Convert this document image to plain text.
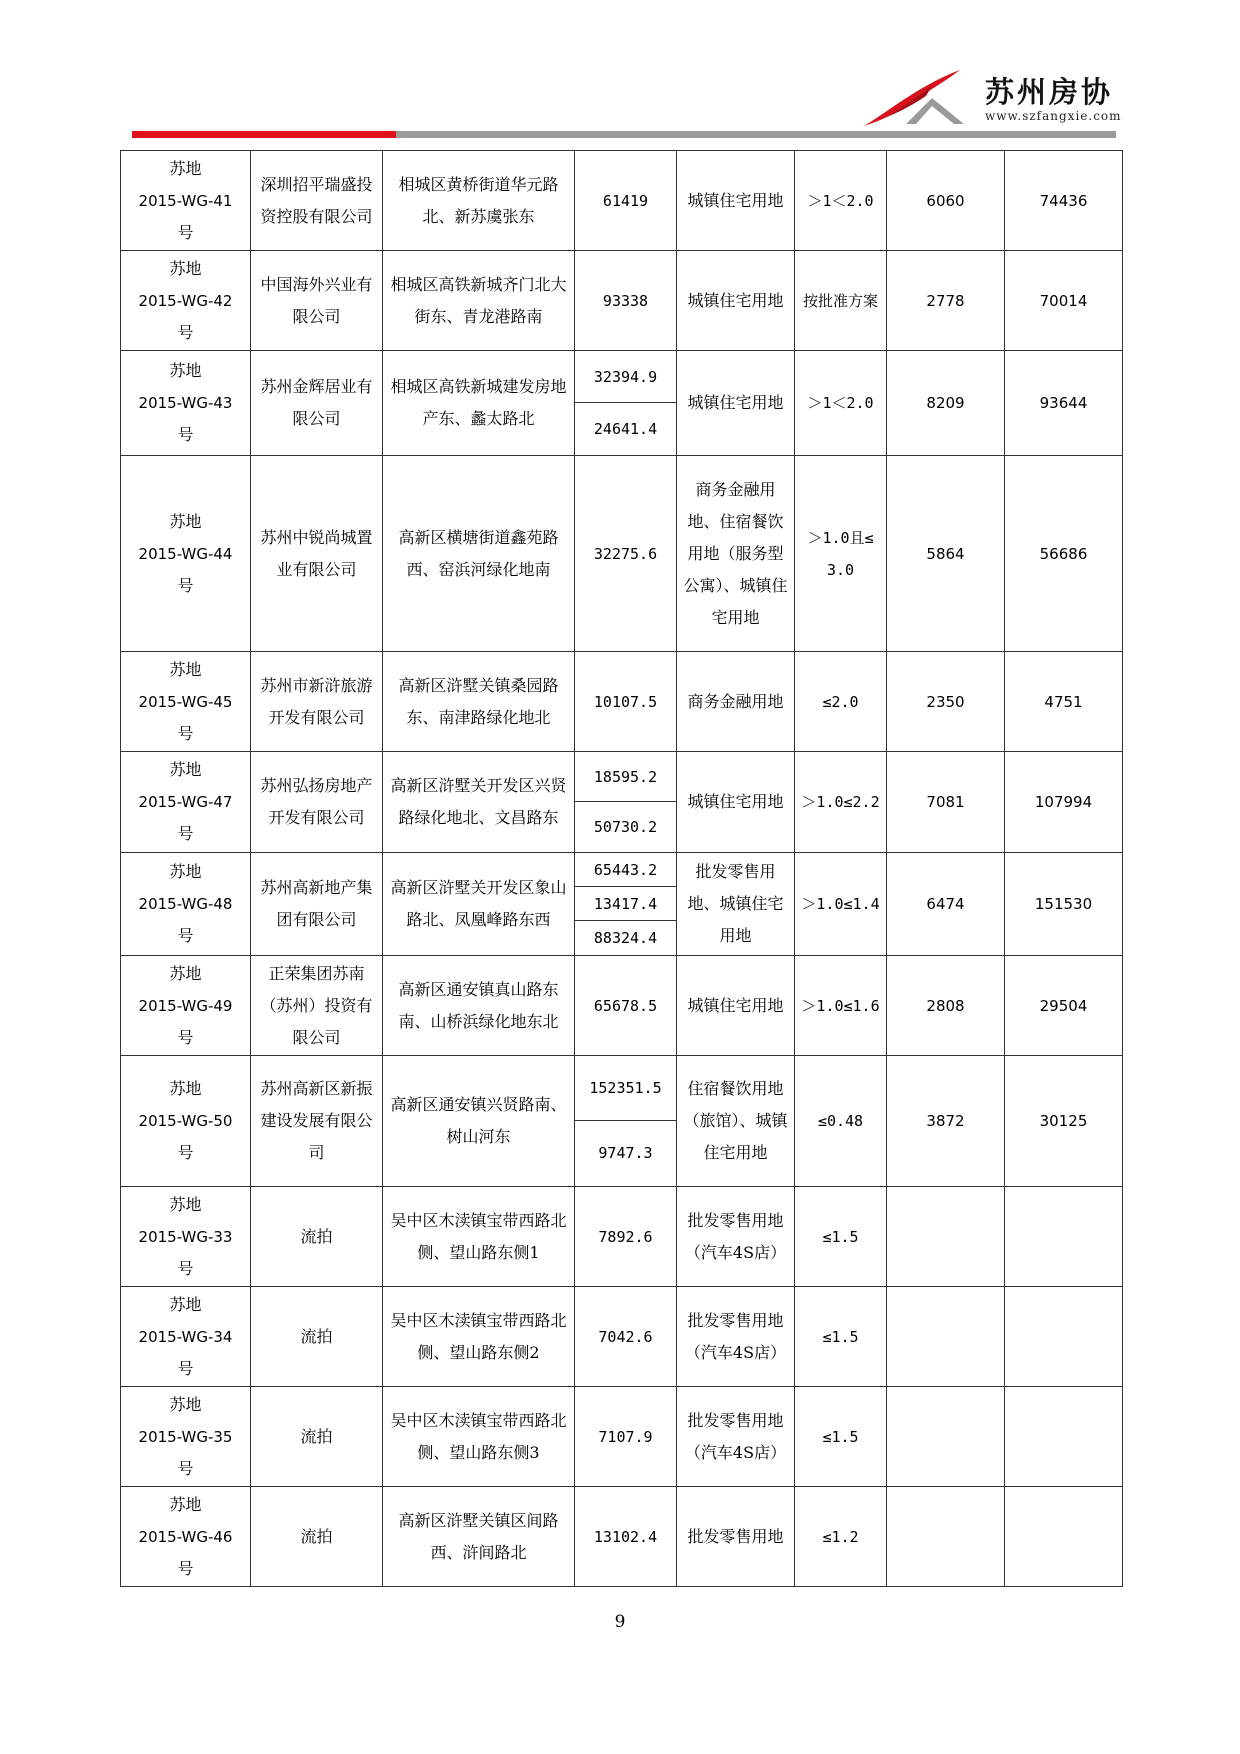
苏州房协
www.szfangxie.com
苏地
2015-WG-41
号	深圳招平瑞盛投资控股有限公司	相城区黄桥街道华元路北、新苏虞张东	61419	城镇住宅用地	＞1＜2.0	6060	74436

苏地
2015-WG-42
号	中国海外兴业有限公司	相城区高铁新城齐门北大街东、青龙港路南	93338	城镇住宅用地	按批准方案	2778	70014

苏地
2015-WG-43
号	苏州金辉居业有限公司	相城区高铁新城建发房地产东、蠡太路北	32394.9
24641.4	城镇住宅用地	＞1＜2.0	8209	93644

苏地
2015-WG-44
号	苏州中锐尚城置业有限公司	高新区横塘街道鑫苑路西、窑浜河绿化地南	32275.6	商务金融用地、住宿餐饮用地（服务型公寓）、城镇住宅用地	＞1.0且≤3.0	5864	56686

苏地
2015-WG-45
号	苏州市新浒旅游开发有限公司	高新区浒墅关镇桑园路东、南津路绿化地北	10107.5	商务金融用地	≤2.0	2350	4751

苏地
2015-WG-47
号	苏州弘扬房地产开发有限公司	高新区浒墅关开发区兴贤路绿化地北、文昌路东	18595.2
50730.2	城镇住宅用地	＞1.0≤2.2	7081	107994

苏地
2015-WG-48
号	苏州高新地产集团有限公司	高新区浒墅关开发区象山路北、凤凰峰路东西	65443.2
13417.4
88324.4	批发零售用地、城镇住宅用地	＞1.0≤1.4	6474	151530

苏地
2015-WG-49
号	正荣集团苏南（苏州）投资有限公司	高新区通安镇真山路东南、山桥浜绿化地东北	65678.5	城镇住宅用地	＞1.0≤1.6	2808	29504

苏地
2015-WG-50
号	苏州高新区新振建设发展有限公司	高新区通安镇兴贤路南、树山河东	152351.5
9747.3	住宿餐饮用地（旅馆）、城镇住宅用地	≤0.48	3872	30125

苏地
2015-WG-33
号	流拍	吴中区木渎镇宝带西路北侧、望山路东侧1	7892.6	批发零售用地（汽车4S店）	≤1.5		

苏地
2015-WG-34
号	流拍	吴中区木渎镇宝带西路北侧、望山路东侧2	7042.6	批发零售用地（汽车4S店）	≤1.5		

苏地
2015-WG-35
号	流拍	吴中区木渎镇宝带西路北侧、望山路东侧3	7107.9	批发零售用地（汽车4S店）	≤1.5		

苏地
2015-WG-46
号	流拍	高新区浒墅关镇区间路西、浒间路北	13102.4	批发零售用地	≤1.2		
9
